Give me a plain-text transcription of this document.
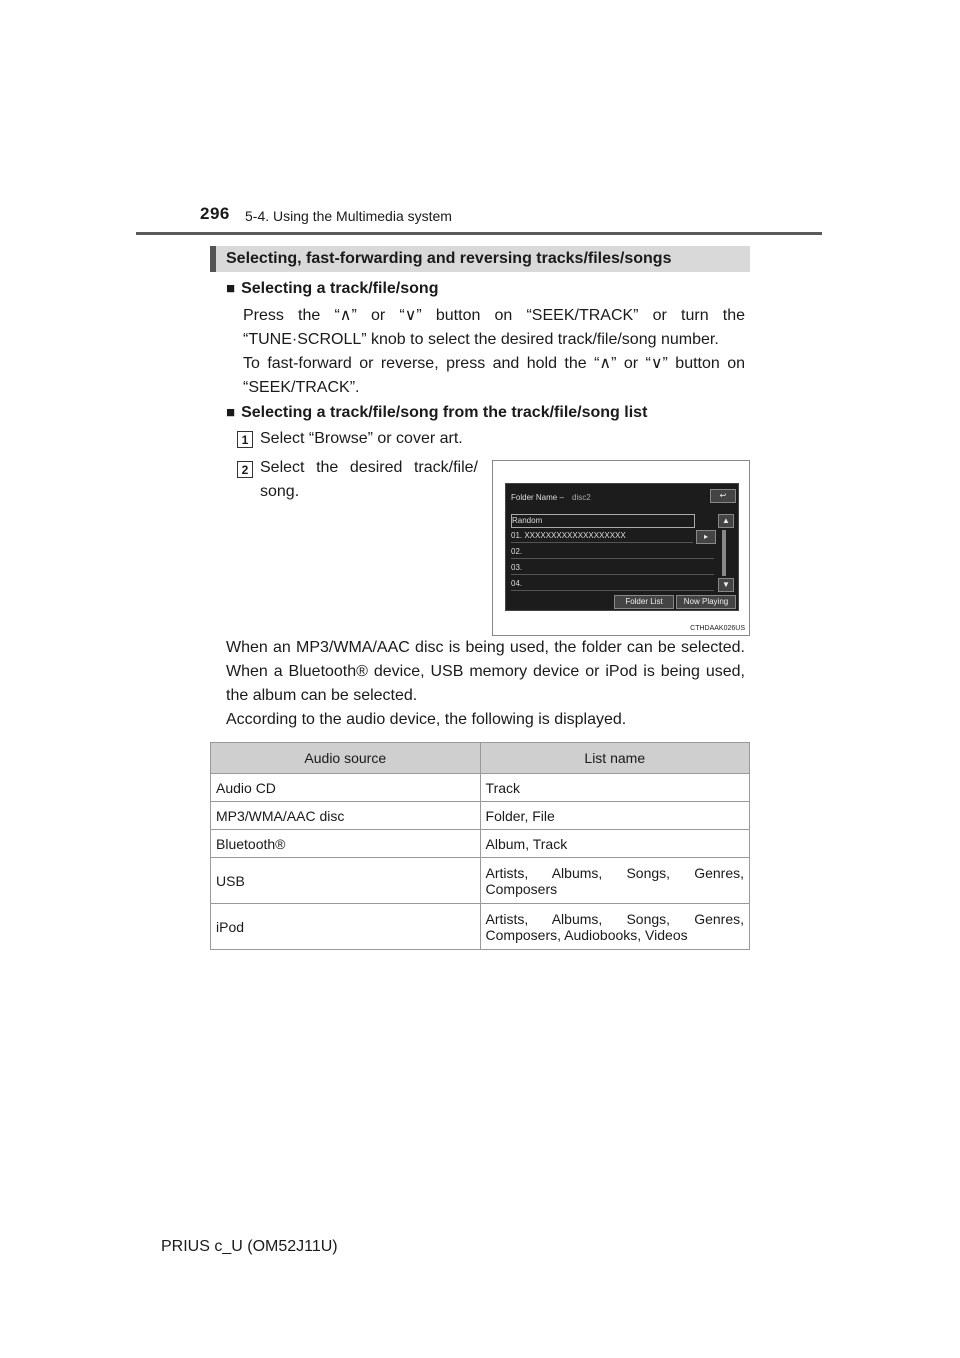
296 5-4. Using the Multimedia system
Selecting, fast-forwarding and reversing tracks/files/songs
■ Selecting a track/file/song
Press the “∧” or “∨” button on “SEEK/TRACK” or turn the “TUNE·SCROLL” knob to select the desired track/file/song number.
To fast-forward or reverse, press and hold the “∧” or “∨” button on “SEEK/TRACK”.
■ Selecting a track/file/song from the track/file/song list
1 Select “Browse” or cover art.
2 Select the desired track/file/ song.	Folder Name – disc2	↩
Random
01. XXXXXXXXXXXXXXXXXXX	▸
02.
03.
04.
▲
▼
Folder List	Now Playing
CTHDAAK026US
When an MP3/WMA/AAC disc is being used, the folder can be selected. When a Bluetooth® device, USB memory device or iPod is being used, the album can be selected.
According to the audio device, the following is displayed.
Audio source	List name
Audio CD	Track
MP3/WMA/AAC disc	Folder, File
Bluetooth®	Album, Track
USB	Artists, Albums, Songs, Genres, Composers
iPod	Artists, Albums, Songs, Genres, Composers, Audiobooks, Videos
PRIUS c_U (OM52J11U)
